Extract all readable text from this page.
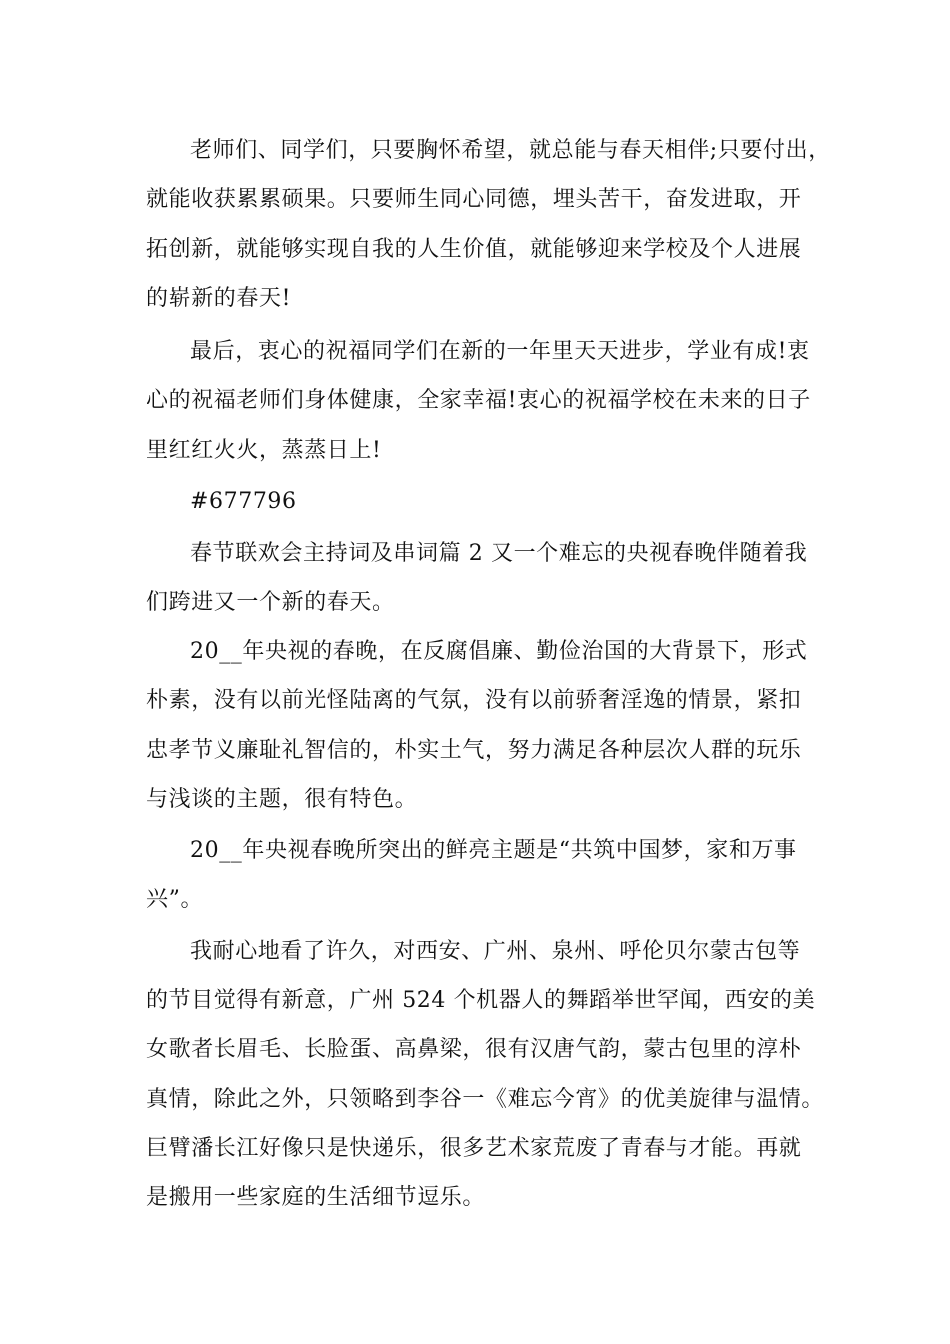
老师们、同学们，只要胸怀希望，就总能与春天相伴;只要付出，
就能收获累累硕果。只要师生同心同德，埋头苦干，奋发进取，开
拓创新，就能够实现自我的人生价值，就能够迎来学校及个人进展
的崭新的春天!
最后，衷心的祝福同学们在新的一年里天天进步，学业有成!衷
心的祝福老师们身体健康，全家幸福!衷心的祝福学校在未来的日子
里红红火火，蒸蒸日上!
#677796
春节联欢会主持词及串词篇 2 又一个难忘的央视春晚伴随着我
们跨进又一个新的春天。
20__年央视的春晚，在反腐倡廉、勤俭治国的大背景下，形式
朴素，没有以前光怪陆离的气氛，没有以前骄奢淫逸的情景，紧扣
忠孝节义廉耻礼智信的，朴实土气，努力满足各种层次人群的玩乐
与浅谈的主题，很有特色。
20__年央视春晚所突出的鲜亮主题是“共筑中国梦，家和万事
兴”。
我耐心地看了许久，对西安、广州、泉州、呼伦贝尔蒙古包等
的节目觉得有新意，广州 524 个机器人的舞蹈举世罕闻，西安的美
女歌者长眉毛、长脸蛋、高鼻梁，很有汉唐气韵，蒙古包里的淳朴
真情，除此之外，只领略到李谷一《难忘今宵》的优美旋律与温情。
巨臂潘长江好像只是快递乐，很多艺术家荒废了青春与才能。再就
是搬用一些家庭的生活细节逗乐。
